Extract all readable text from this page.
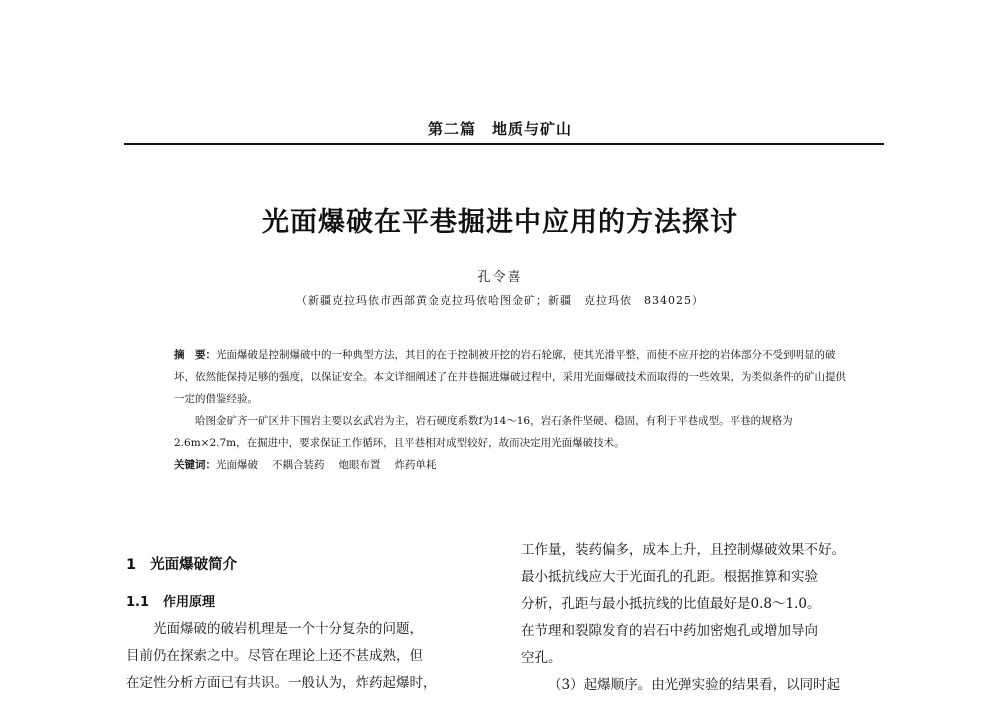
第二篇　地质与矿山
光面爆破在平巷掘进中应用的方法探讨
孔令喜
（新疆克拉玛依市西部黄金克拉玛依哈图金矿；新疆　克拉玛依　834025）

摘　要：光面爆破是控制爆破中的一种典型方法，其目的在于控制被开挖的岩石轮廓，使其光滑平整，而使不应开挖的岩体部分不受到明显的破坏，依然能保持足够的强度，以保证安全。本文详细阐述了在井巷掘进爆破过程中，采用光面爆破技术而取得的一些效果，为类似条件的矿山提供一定的借鉴经验。

哈图金矿齐一矿区井下围岩主要以玄武岩为主，岩石硬度系数f为14～16，岩石条件坚硬、稳固，有利于平巷成型。平巷的规格为2.6m×2.7m，在掘进中，要求保证工作循环，且平巷相对成型较好，故而决定用光面爆破技术。

关键词：光面爆破 不耦合装药 炮眼布置 炸药单耗

1 光面爆破简介
1.1 作用原理

光面爆破的破岩机理是一个十分复杂的问题，

目前仍在探索之中。尽管在理论上还不甚成熟，但

在定性分析方面已有共识。一般认为，炸药起爆时，

工作量，装药偏多，成本上升，且控制爆破效果不好。

最小抵抗线应大于光面孔的孔距。根据推算和实验

分析，孔距与最小抵抗线的比值最好是0.8～1.0。

在节理和裂隙发育的岩石中药加密炮孔或增加导向

空孔。

（3）起爆顺序。由光弹实验的结果看，以同时起
